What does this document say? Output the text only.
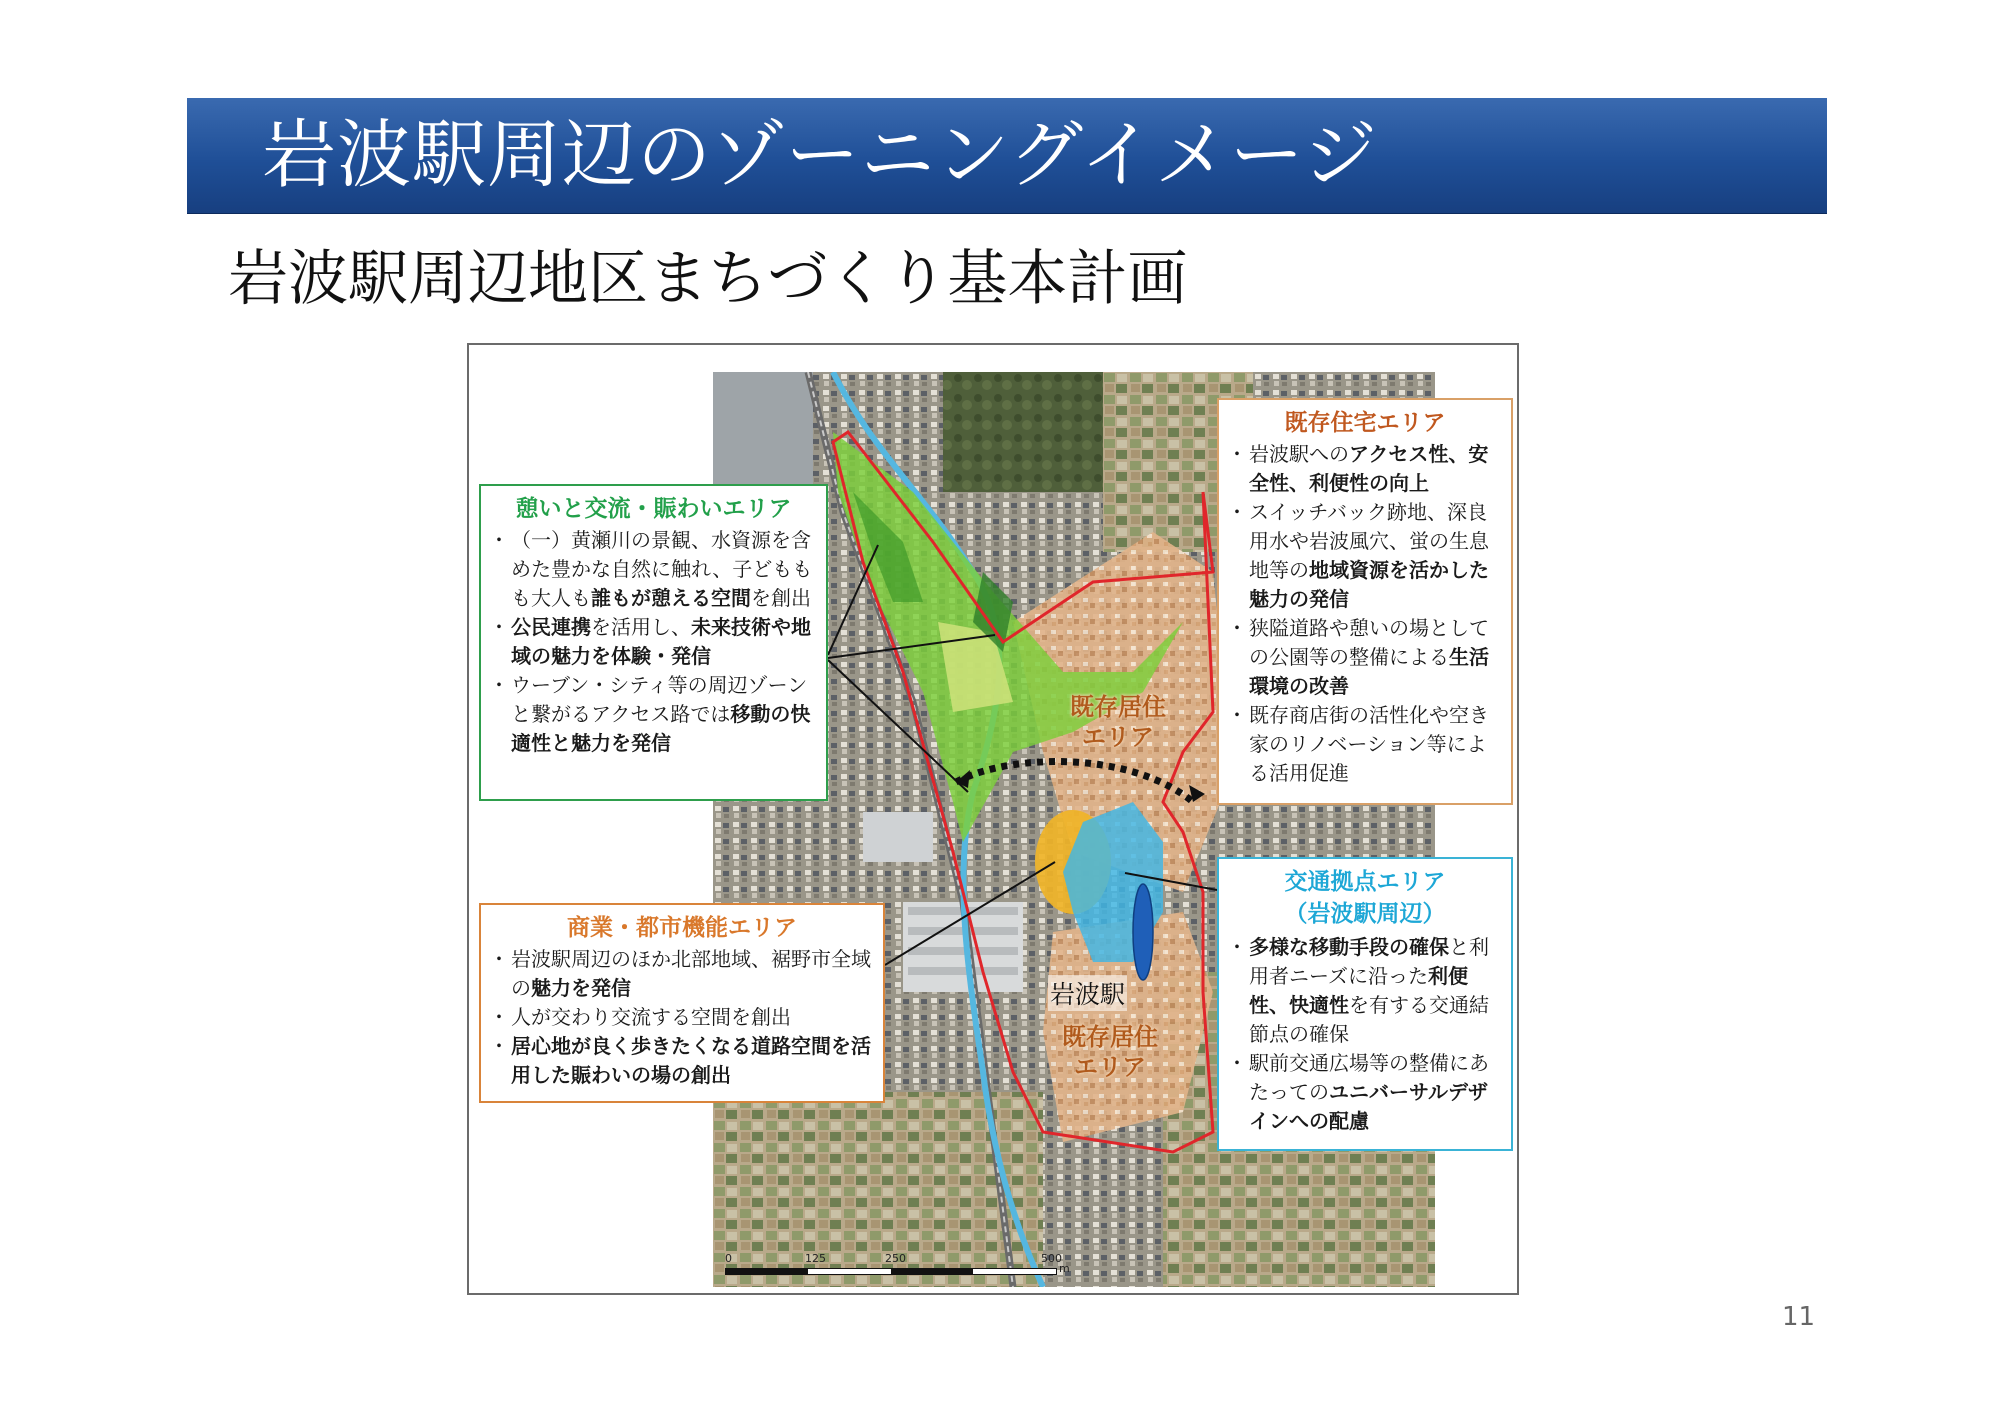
岩波駅周辺のゾーニングイメージ
岩波駅周辺地区まちづくり基本計画
既存居住
エリア
既存居住
エリア
岩波駅
0	125	250	500
m
憩いと交流・賑わいエリア
・ （一）黄瀬川の景観、水資源を含めた豊かな自然に触れ、子どももも大人も誰もが憩える空間を創出
・ 公民連携を活用し、未来技術や地域の魅力を体験・発信
・ ウーブン・シティ等の周辺ゾーンと繋がるアクセス路では移動の快適性と魅力を発信
商業・都市機能エリア
・ 岩波駅周辺のほか北部地域、裾野市全域の魅力を発信
・ 人が交わり交流する空間を創出
・ 居心地が良く歩きたくなる道路空間を活用した賑わいの場の創出
既存住宅エリア
・ 岩波駅へのアクセス性、安全性、利便性の向上
・ スイッチバック跡地、深良用水や岩波風穴、蛍の生息地等の地域資源を活かした魅力の発信
・ 狭隘道路や憩いの場としての公園等の整備による生活環境の改善
・ 既存商店街の活性化や空き家のリノベーション等による活用促進
交通拠点エリア
（岩波駅周辺）
・ 多様な移動手段の確保と利用者ニーズに沿った利便性、快適性を有する交通結節点の確保
・ 駅前交通広場等の整備にあたってのユニバーサルデザインへの配慮
11
